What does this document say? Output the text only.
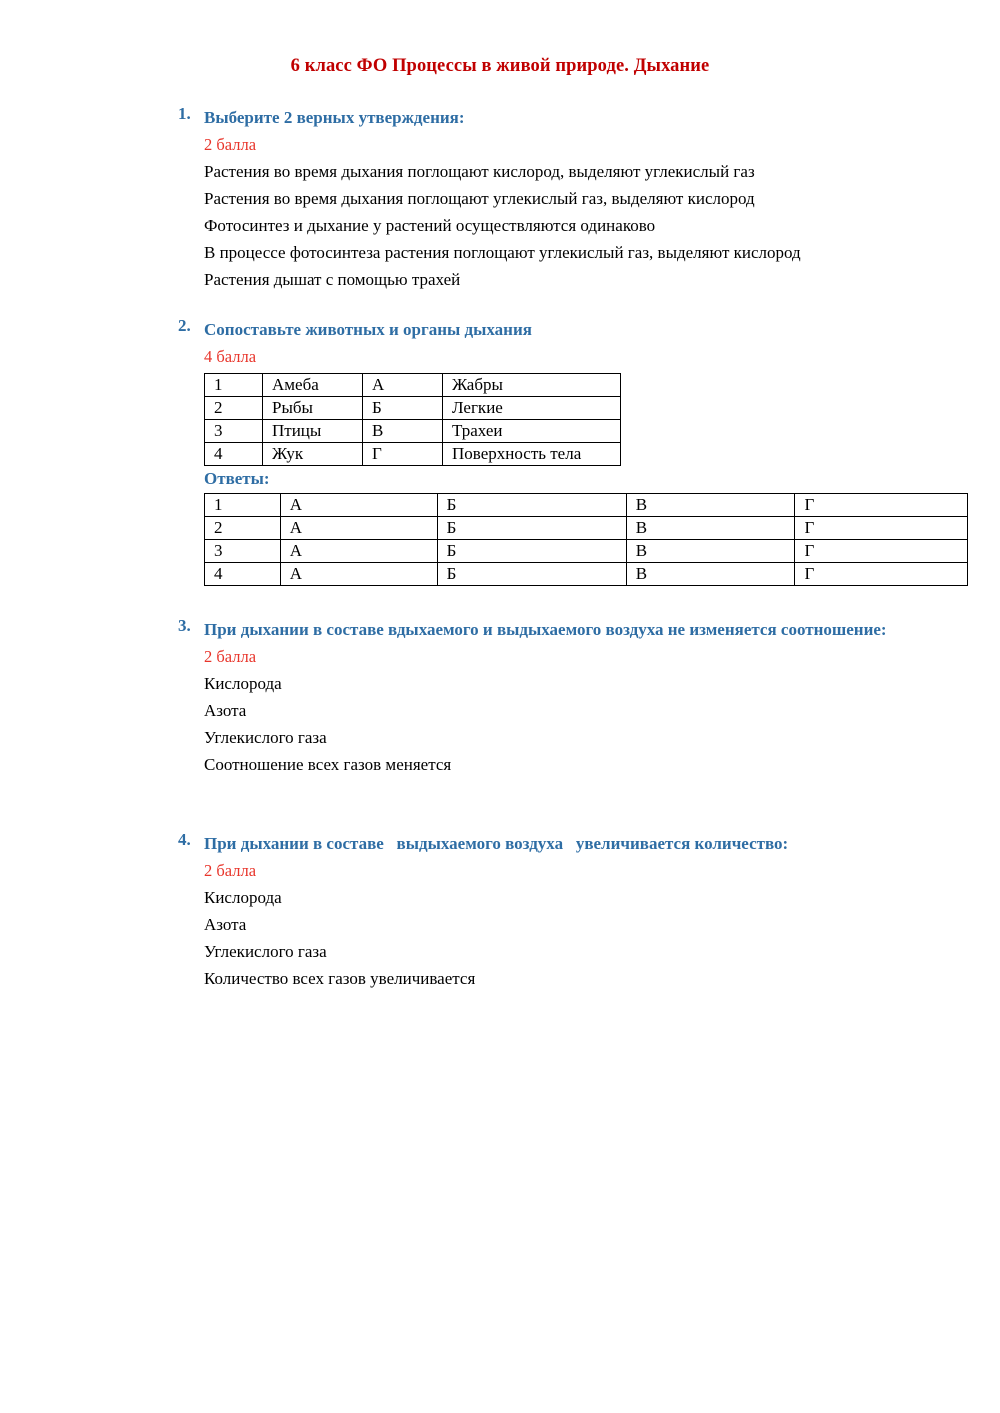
6 класс ФО Процессы в живой природе. Дыхание
1. Выберите 2 верных утверждения:
2 балла
Растения во время дыхания поглощают кислород, выделяют углекислый газ
Растения во время дыхания поглощают углекислый газ, выделяют кислород
Фотосинтез и дыхание у растений осуществляются одинаково
В процессе фотосинтеза растения поглощают углекислый газ, выделяют кислород
Растения дышат с помощью трахей
2. Сопоставьте животных и органы дыхания
4 балла
1	Амеба	А	Жабры
2	Рыбы	Б	Легкие
3	Птицы	В	Трахеи
4	Жук	Г	Поверхность тела
Ответы:
1	А	Б	В	Г
2	А	Б	В	Г
3	А	Б	В	Г
4	А	Б	В	Г
3. При дыхании в составе вдыхаемого и выдыхаемого воздуха не изменяется соотношение:
2 балла
Кислорода
Азота
Углекислого газа
Соотношение всех газов меняется
4. При дыхании в составе   выдыхаемого воздуха   увеличивается количество:
2 балла
Кислорода
Азота
Углекислого газа
Количество всех газов увеличивается
